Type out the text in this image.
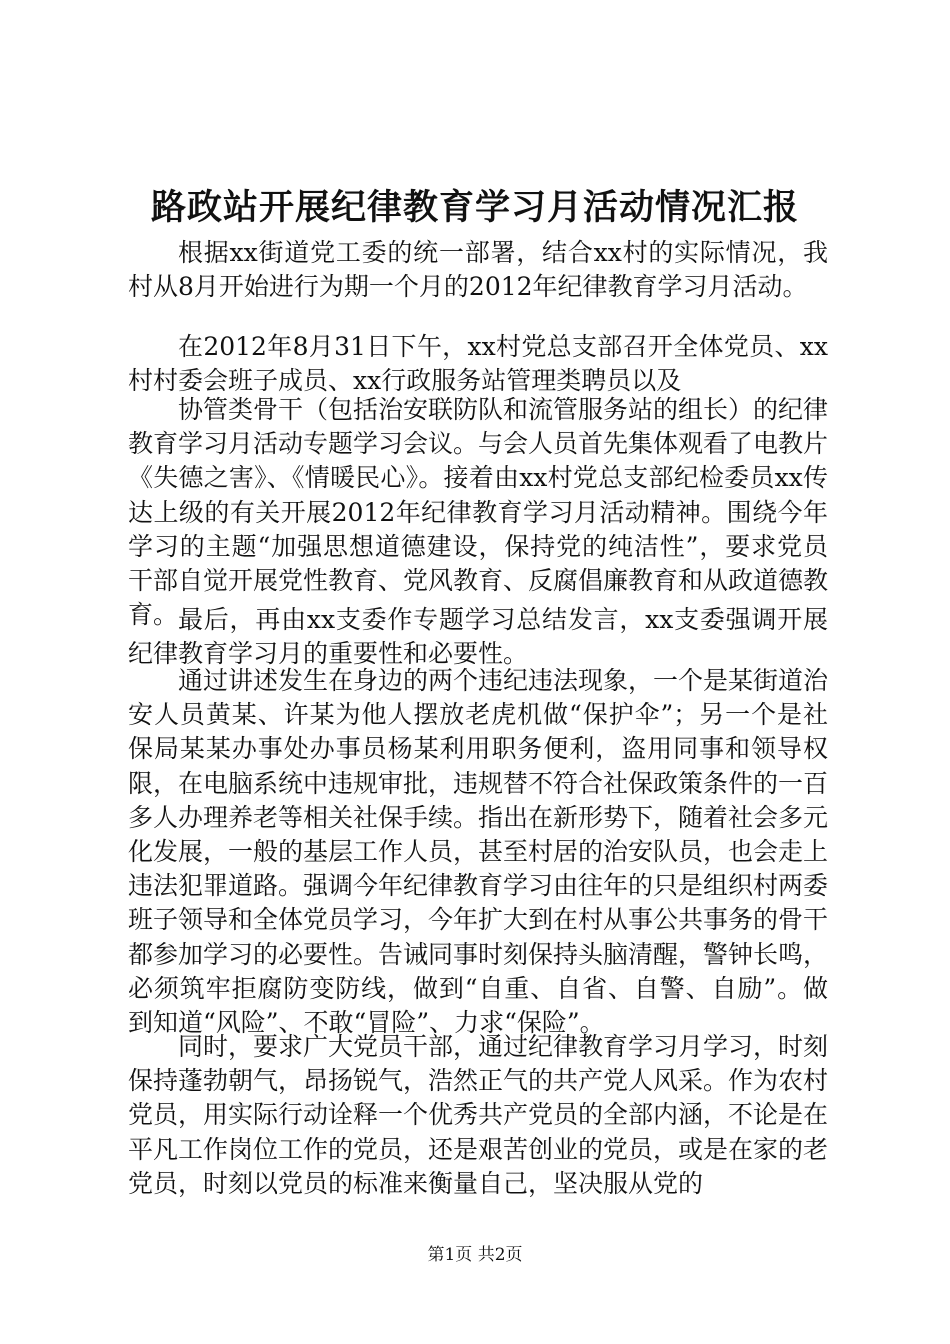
路政站开展纪律教育学习月活动情况汇报
根据xx街道党工委的统一部署，结合xx村的实际情况，我村从8月开始进行为期一个月的2012年纪律教育学习月活动。
在2012年8月31日下午，xx村党总支部召开全体党员、xx村村委会班子成员、xx行政服务站管理类聘员以及
协管类骨干（包括治安联防队和流管服务站的组长）的纪律教育学习月活动专题学习会议。与会人员首先集体观看了电教片《失德之害》、《情暖民心》。接着由xx村党总支部纪检委员xx传达上级的有关开展2012年纪律教育学习月活动精神。围绕今年学习的主题“加强思想道德建设，保持党的纯洁性”，要求党员干部自觉开展党性教育、党风教育、反腐倡廉教育和从政道德教育。 最后，再由xx支委作专题学习总结发言，xx支委强调开展纪律教育学习月的重要性和必要性。
通过讲述发生在身边的两个违纪违法现象，一个是某街道治安人员黄某、许某为他人摆放老虎机做“保护伞”；另一个是社保局某某办事处办事员杨某利用职务便利，盗用同事和领导权限，在电脑系统中违规审批，违规替不符合社保政策条件的一百多人办理养老等相关社保手续。指出在新形势下，随着社会多元化发展，一般的基层工作人员，甚至村居的治安队员，也会走上违法犯罪道路。强调今年纪律教育学习由往年的只是组织村两委班子领导和全体党员学习，今年扩大到在村从事公共事务的骨干都参加学习的必要性。告诫同事时刻保持头脑清醒，警钟长鸣，必须筑牢拒腐防变防线，做到“自重、自省、自警、自励”。做到知道“风险”、不敢“冒险”、力求“保险”。
同时，要求广大党员干部，通过纪律教育学习月学习，时刻保持蓬勃朝气，昂扬锐气，浩然正气的共产党人风采。作为农村党员，用实际行动诠释一个优秀共产党员的全部内涵，不论是在平凡工作岗位工作的党员，还是艰苦创业的党员，或是在家的老党员，时刻以党员的标准来衡量自己，坚决服从党的
第1页 共2页
